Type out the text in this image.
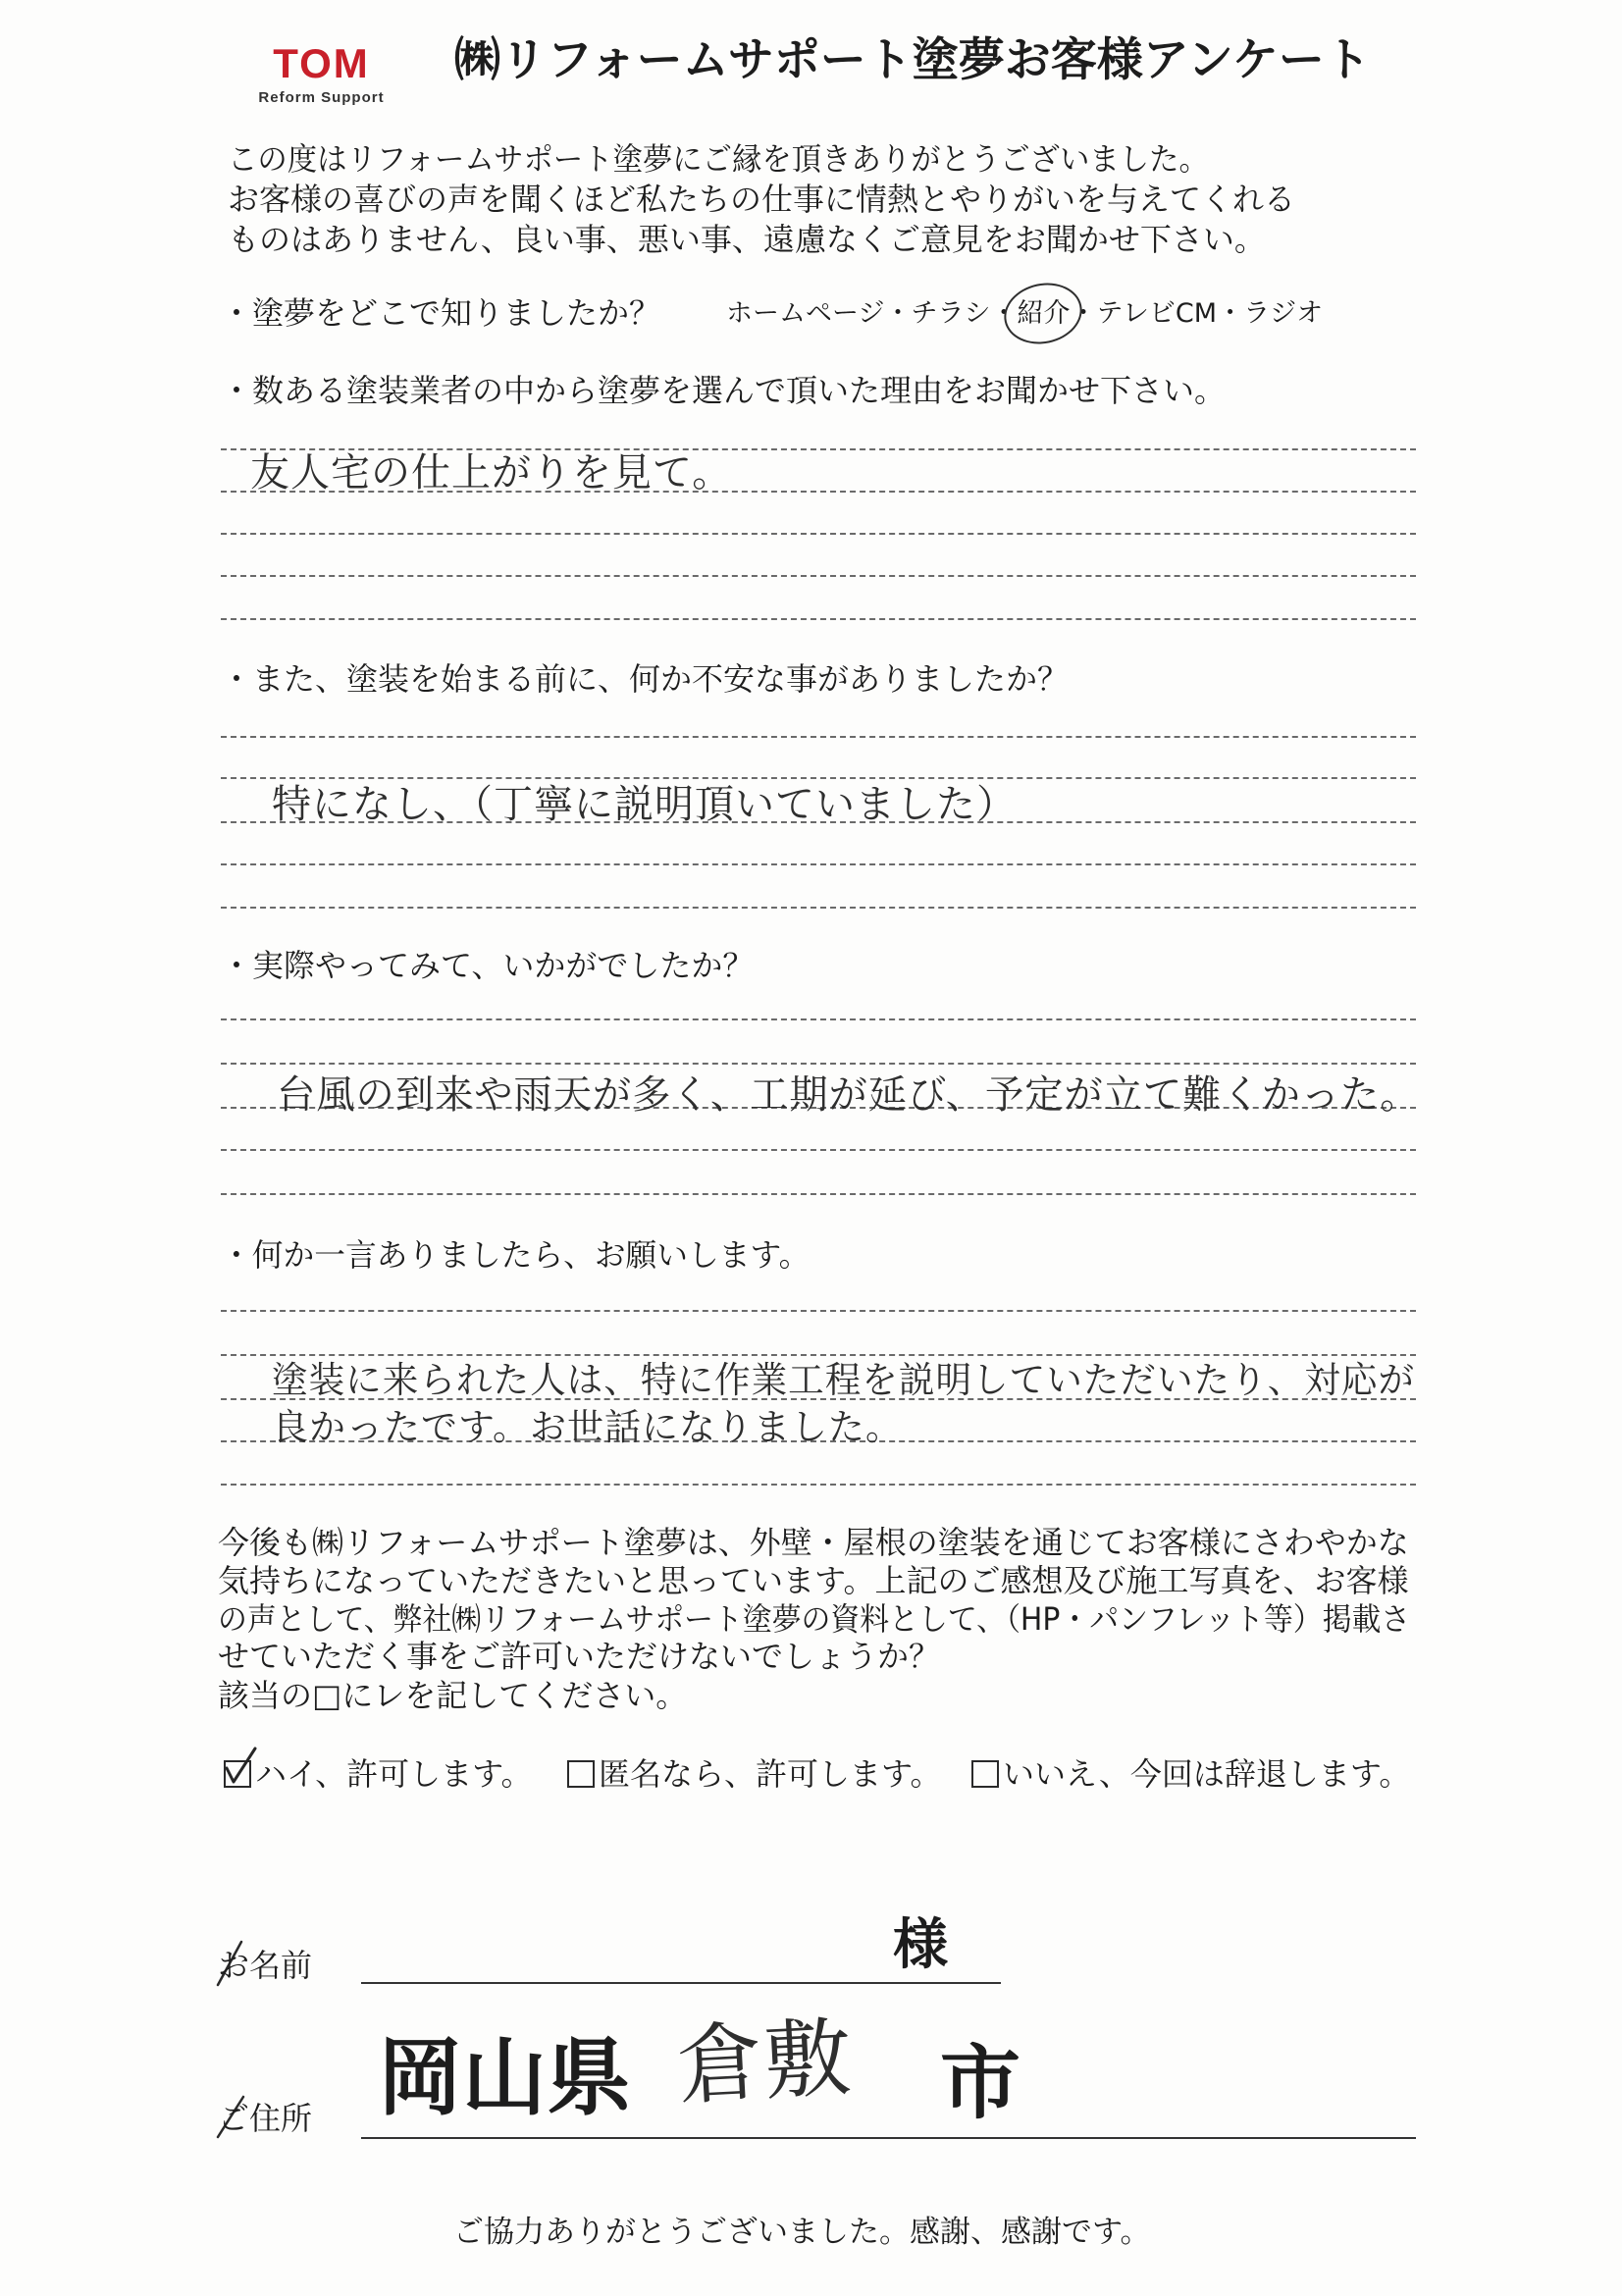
TOM
Reform Support
㈱リフォームサポート塗夢お客様アンケート
この度はリフォームサポート塗夢にご縁を頂きありがとうございました。
お客様の喜びの声を聞くほど私たちの仕事に情熱とやりがいを与えてくれる
ものはありません、良い事、悪い事、遠慮なくご意見をお聞かせ下さい。
・塗夢をどこで知りましたか？	ホームページ・チラシ・紹介
・テレビCM・ラジオ
・数ある塗装業者の中から塗夢を選んで頂いた理由をお聞かせ下さい。
友人宅の仕上がりを見て。
・また、塗装を始まる前に、何か不安な事がありましたか？
特になし、（丁寧に説明頂いていました）
・実際やってみて、いかがでしたか？
台風の到来や雨天が多く、工期が延び、予定が立て難くかった。
・何か一言ありましたら、お願いします。
塗装に来られた人は、特に作業工程を説明していただいたり、対応が
良かったです。お世話になりました。
今後も㈱リフォームサポート塗夢は、外壁・屋根の塗装を通じてお客様にさわやかな
気持ちになっていただきたいと思っています。上記のご感想及び施工写真を、お客様
の声として、弊社㈱リフォームサポート塗夢の資料として、（HP・パンフレット等）掲載さ
せていただく事をご許可いただけないでしょうか？
該当の□にレを記してください。
ハイ、許可します。 匿名なら、許可します。 いいえ、今回は辞退します。
お名前	様
ご住所 岡山県 倉敷 市
ご協力ありがとうございました。感謝、感謝です。
